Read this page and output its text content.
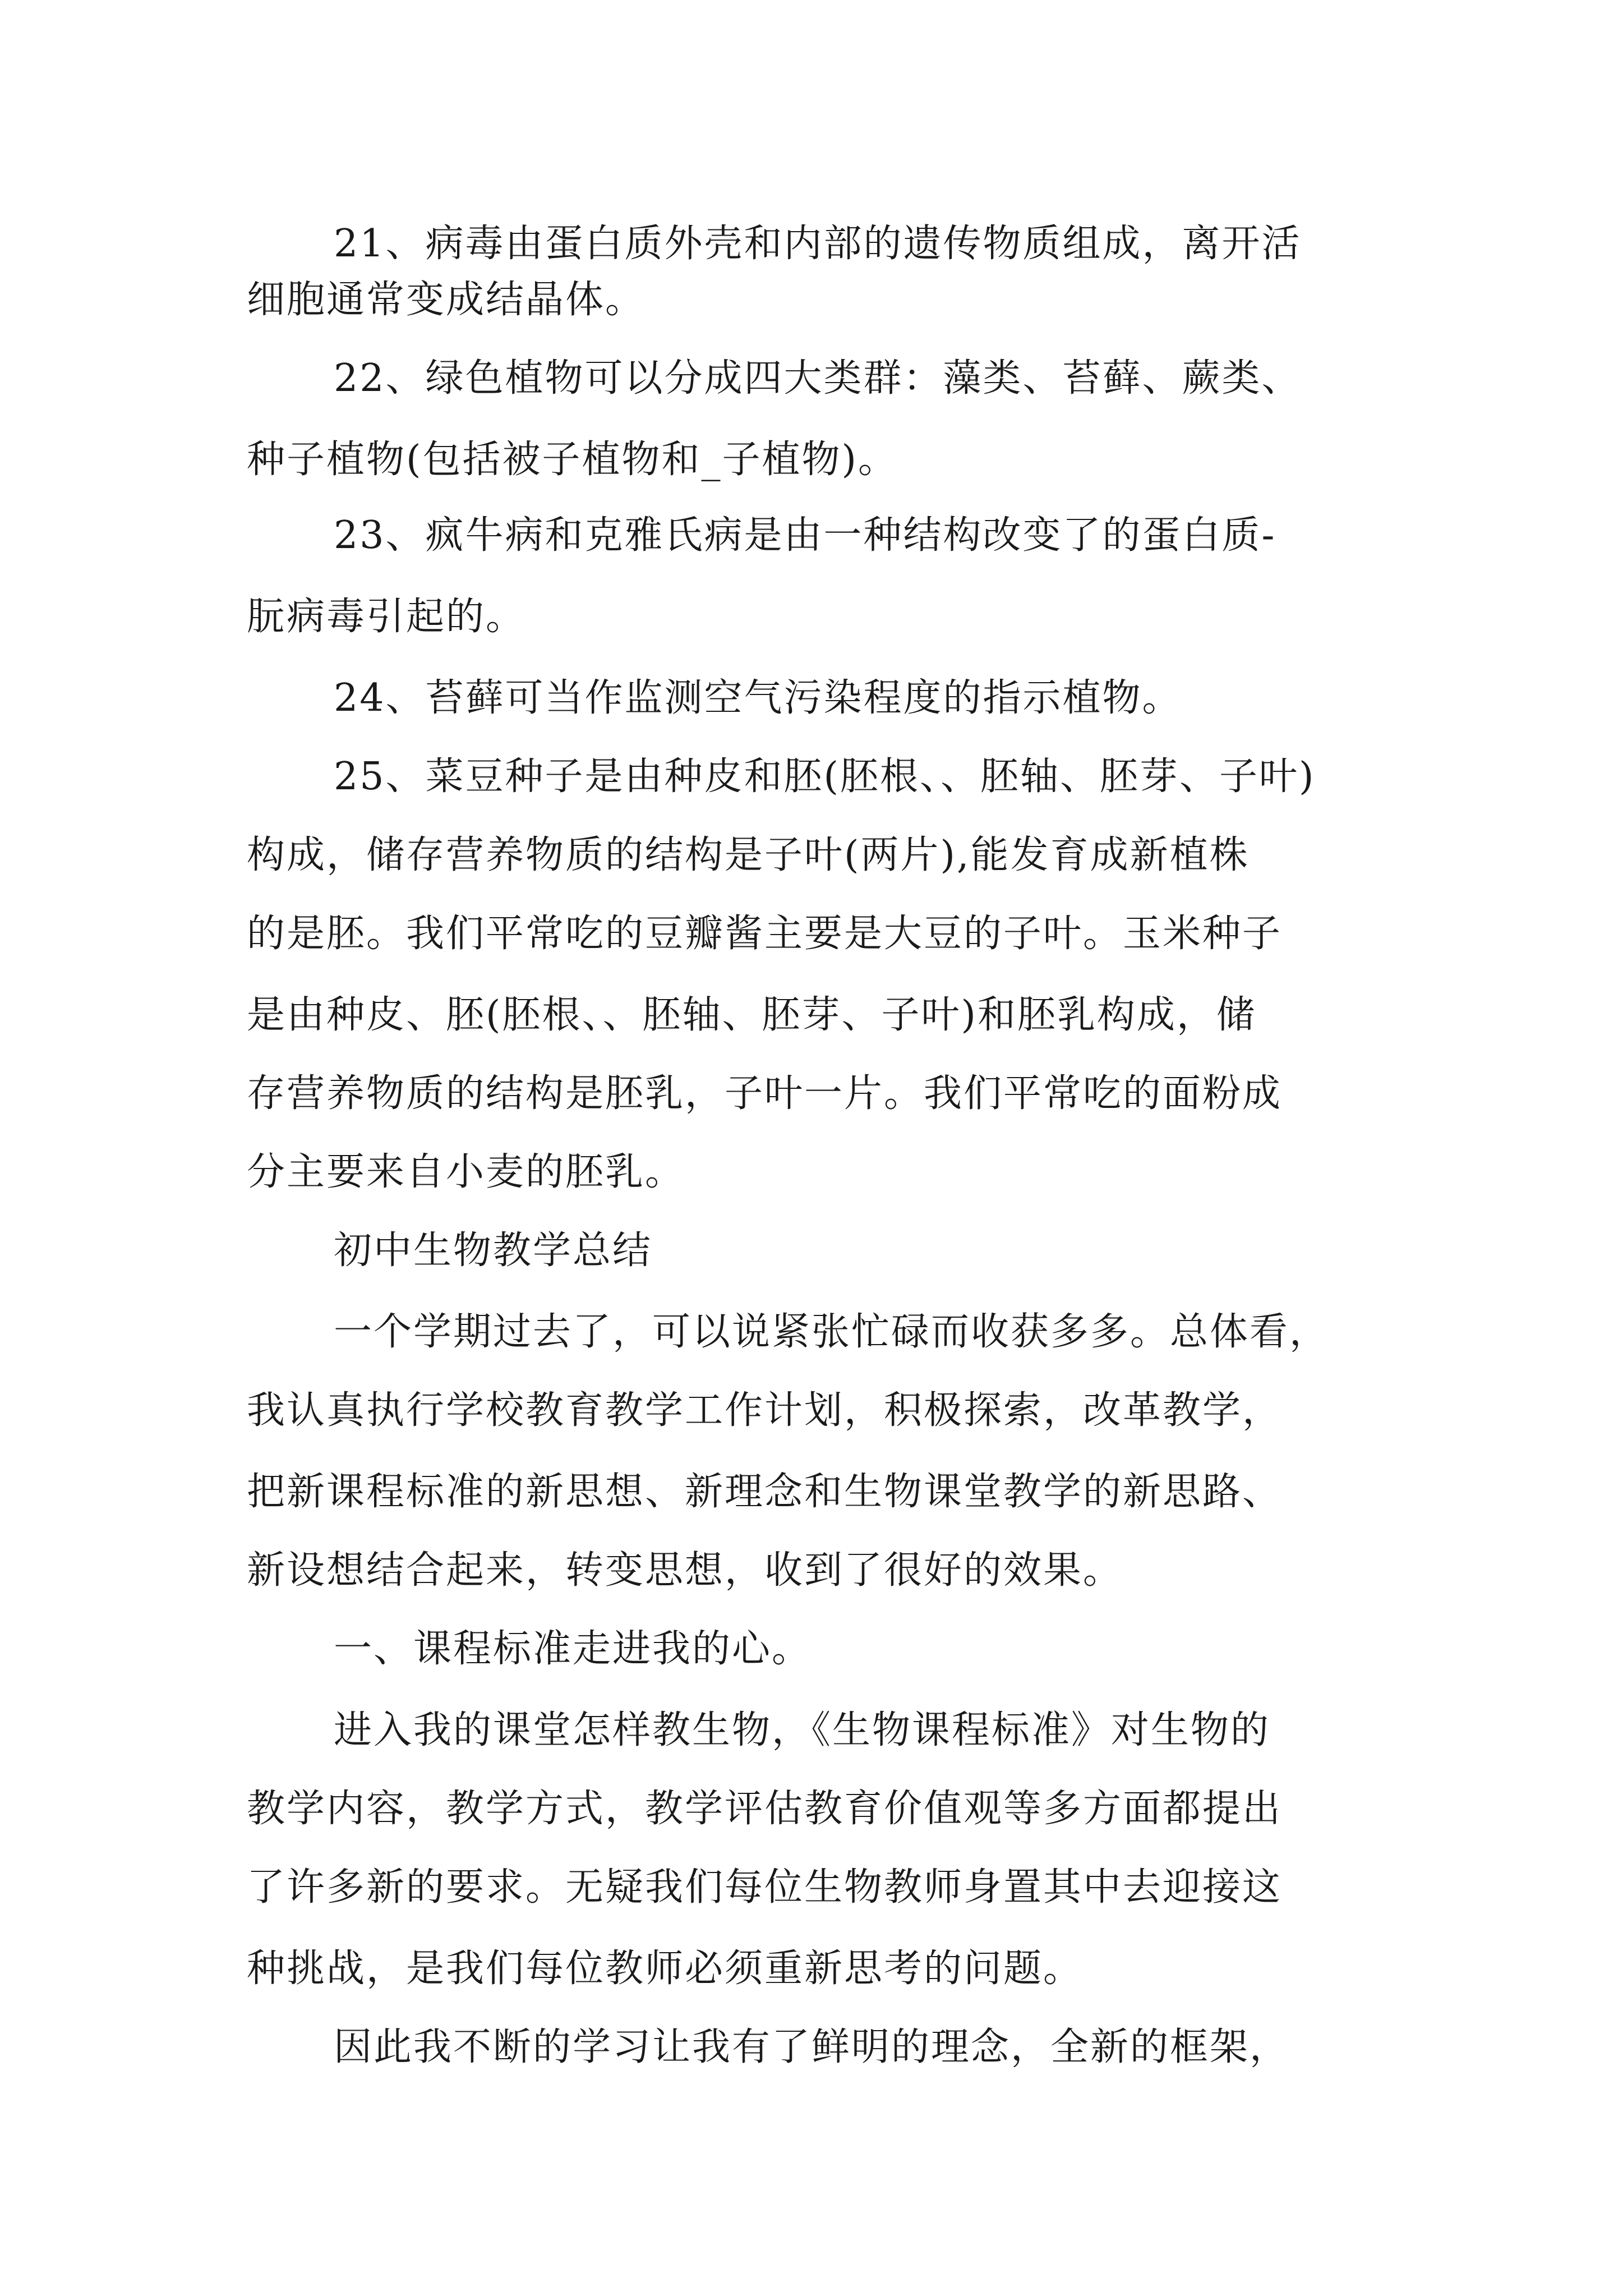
21、病毒由蛋白质外壳和内部的遗传物质组成，离开活
细胞通常变成结晶体。
22、绿色植物可以分成四大类群：藻类、苔藓、蕨类、
种子植物(包括被子植物和_子植物)。
23、疯牛病和克雅氏病是由一种结构改变了的蛋白质-
朊病毒引起的。
24、苔藓可当作监测空气污染程度的指示植物。
25、菜豆种子是由种皮和胚(胚根、、胚轴、胚芽、子叶)
构成，储存营养物质的结构是子叶(两片),能发育成新植株
的是胚。我们平常吃的豆瓣酱主要是大豆的子叶。玉米种子
是由种皮、胚(胚根、、胚轴、胚芽、子叶)和胚乳构成，储
存营养物质的结构是胚乳，子叶一片。我们平常吃的面粉成
分主要来自小麦的胚乳。
初中生物教学总结
一个学期过去了，可以说紧张忙碌而收获多多。总体看，
我认真执行学校教育教学工作计划，积极探索，改革教学，
把新课程标准的新思想、新理念和生物课堂教学的新思路、
新设想结合起来，转变思想，收到了很好的效果。
一、课程标准走进我的心。
进入我的课堂怎样教生物，《生物课程标准》对生物的
教学内容，教学方式，教学评估教育价值观等多方面都提出
了许多新的要求。无疑我们每位生物教师身置其中去迎接这
种挑战，是我们每位教师必须重新思考的问题。
因此我不断的学习让我有了鲜明的理念，全新的框架，
